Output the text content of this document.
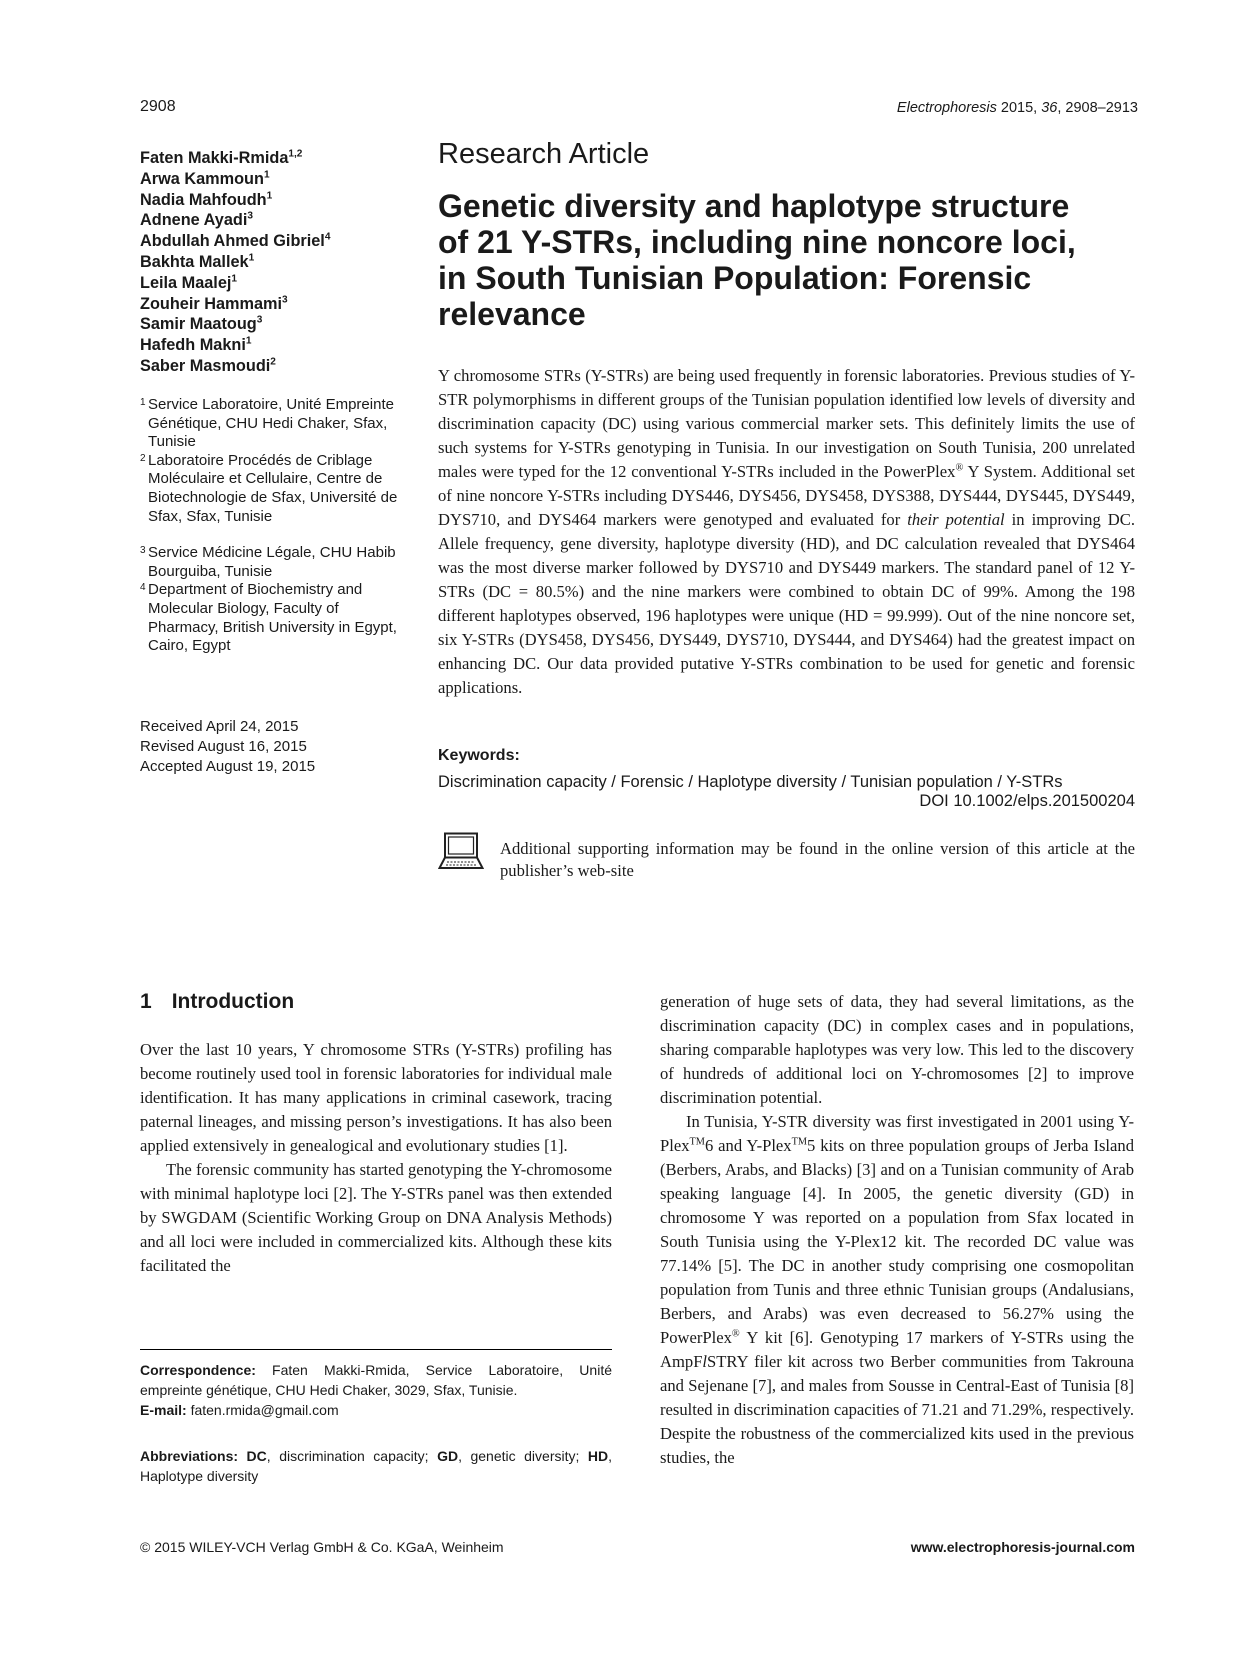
2908	Electrophoresis 2015, 36, 2908–2913
Faten Makki-Rmida$^{1,2}$
Arwa Kammoun$^1$
Nadia Mahfoudh$^1$
Adnene Ayadi$^3$
Abdullah Ahmed Gibriel$^4$
Bakhta Mallek$^1$
Leila Maalej$^1$
Zouheir Hammami$^3$
Samir Maatoug$^3$
Hafedh Makni$^1$
Saber Masmoudi$^2$
1 Service Laboratoire, Unité Empreinte Génétique, CHU Hedi Chaker, Sfax, Tunisie
2 Laboratoire Procédés de Criblage Moléculaire et Cellulaire, Centre de Biotechnologie de Sfax, Université de Sfax, Sfax, Tunisie
3 Service Médicine Légale, CHU Habib Bourguiba, Tunisie
4 Department of Biochemistry and Molecular Biology, Faculty of Pharmacy, British University in Egypt, Cairo, Egypt
Received April 24, 2015
Revised August 16, 2015
Accepted August 19, 2015
Research Article
Genetic diversity and haplotype structure
of 21 Y-STRs, including nine noncore loci,
in South Tunisian Population: Forensic
relevance
Y chromosome STRs (Y-STRs) are being used frequently in forensic laboratories. Previous studies of Y-STR polymorphisms in different groups of the Tunisian population identified low levels of diversity and discrimination capacity (DC) using various commercial marker sets. This definitely limits the use of such systems for Y-STRs genotyping in Tunisia. In our investigation on South Tunisia, 200 unrelated males were typed for the 12 conventional Y-STRs included in the PowerPlex® Y System. Additional set of nine noncore Y-STRs including DYS446, DYS456, DYS458, DYS388, DYS444, DYS445, DYS449, DYS710, and DYS464 markers were genotyped and evaluated for their potential in improving DC. Allele frequency, gene diversity, haplotype diversity (HD), and DC calculation revealed that DYS464 was the most diverse marker followed by DYS710 and DYS449 markers. The standard panel of 12 Y-STRs (DC = 80.5%) and the nine markers were combined to obtain DC of 99%. Among the 198 different haplotypes observed, 196 haplotypes were unique (HD = 99.999). Out of the nine noncore set, six Y-STRs (DYS458, DYS456, DYS449, DYS710, DYS444, and DYS464) had the greatest impact on enhancing DC. Our data provided putative Y-STRs combination to be used for genetic and forensic applications.
Keywords:
Discrimination capacity / Forensic / Haplotype diversity / Tunisian population / Y-STRs
DOI 10.1002/elps.201500204
Additional supporting information may be found in the online version of this article at the publisher’s web-site
1 Introduction

Over the last 10 years, Y chromosome STRs (Y-STRs) profiling has become routinely used tool in forensic laboratories for individual male identification. It has many applications in criminal casework, tracing paternal lineages, and missing person’s investigations. It has also been applied extensively in genealogical and evolutionary studies [1].

The forensic community has started genotyping the Y-chromosome with minimal haplotype loci [2]. The Y-STRs panel was then extended by SWGDAM (Scientific Working Group on DNA Analysis Methods) and all loci were included in commercialized kits. Although these kits facilitated the

generation of huge sets of data, they had several limitations, as the discrimination capacity (DC) in complex cases and in populations, sharing comparable haplotypes was very low. This led to the discovery of hundreds of additional loci on Y-chromosomes [2] to improve discrimination potential.

In Tunisia, Y-STR diversity was first investigated in 2001 using Y-Plex™6 and Y-Plex™5 kits on three population groups of Jerba Island (Berbers, Arabs, and Blacks) [3] and on a Tunisian community of Arab speaking language [4]. In 2005, the genetic diversity (GD) in chromosome Y was reported on a population from Sfax located in South Tunisia using the Y-Plex12 kit. The recorded DC value was 77.14% [5]. The DC in another study comprising one cosmopolitan population from Tunis and three ethnic Tunisian groups (Andalusians, Berbers, and Arabs) was even decreased to 56.27% using the PowerPlex® Y kit [6]. Genotyping 17 markers of Y-STRs using the AmpFlSTRY filer kit across two Berber communities from Takrouna and Sejenane [7], and males from Sousse in Central-East of Tunisia [8] resulted in discrimination capacities of 71.21 and 71.29%, respectively. Despite the robustness of the commercialized kits used in the previous studies, the

Correspondence: Faten Makki-Rmida, Service Laboratoire, Unité empreinte génétique, CHU Hedi Chaker, 3029, Sfax, Tunisie.
E-mail: faten.rmida@gmail.com
Abbreviations: DC, discrimination capacity; GD, genetic diversity; HD, Haplotype diversity
© 2015 WILEY-VCH Verlag GmbH & Co. KGaA, Weinheim	www.electrophoresis-journal.com
